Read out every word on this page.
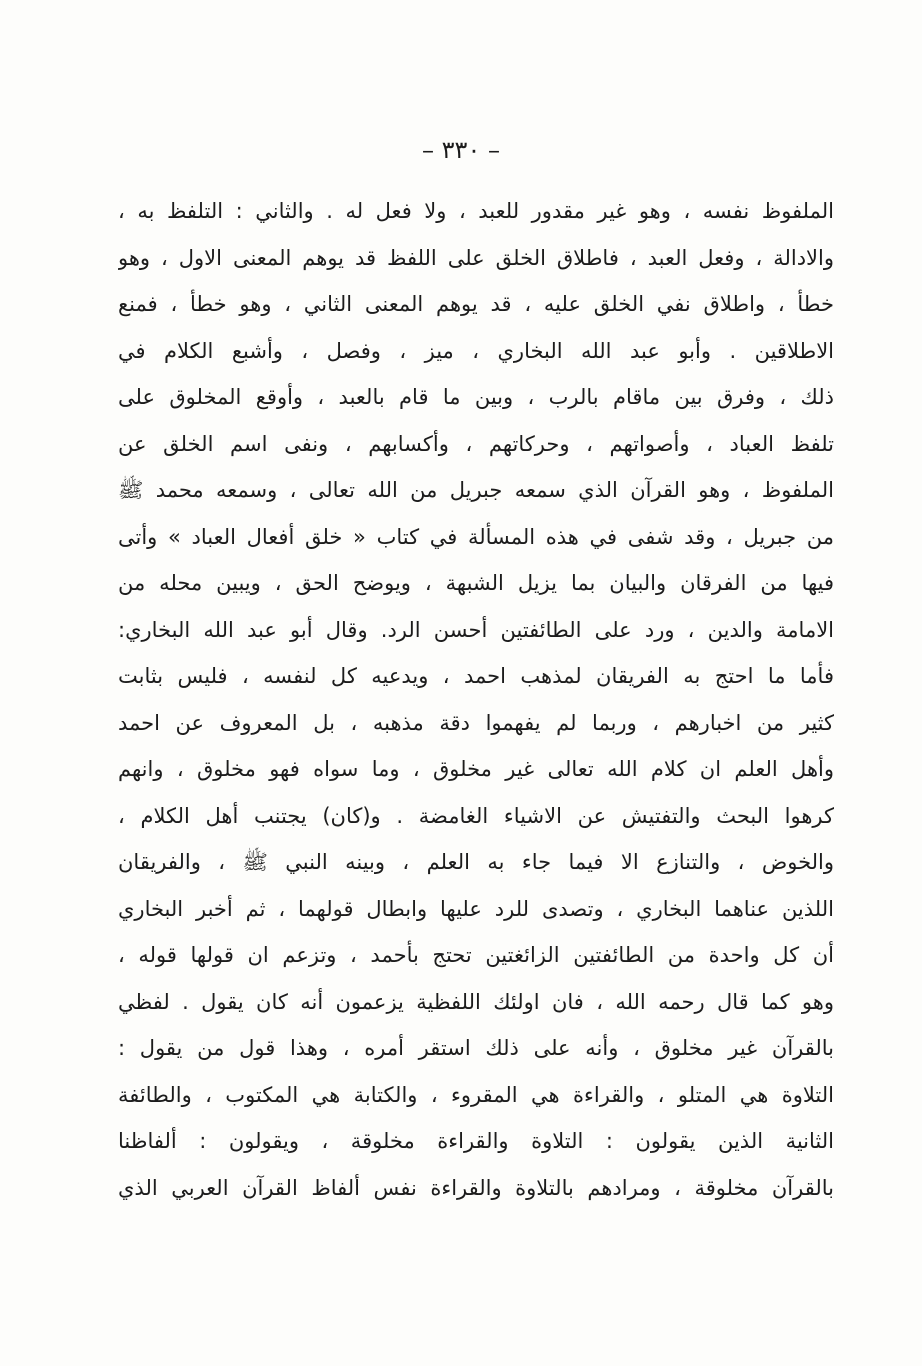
– ٣٣٠ –
الملفوظ نفسه ، وهو غير مقدور للعبد ، ولا فعل له . والثاني : التلفظ به ،
والادالة ، وفعل العبد ، فاطلاق الخلق على اللفظ قد يوهم المعنى الاول ، وهو
خطأ ، واطلاق نفي الخلق عليه ، قد يوهم المعنى الثاني ، وهو خطأ ، فمنع
الاطلاقين . وأبو عبد الله البخاري ، ميز ، وفصل ، وأشبع الكلام في
ذلك ، وفرق بين ماقام بالرب ، وبين ما قام بالعبد ، وأوقع المخلوق على
تلفظ العباد ، وأصواتهم ، وحركاتهم ، وأكسابهم ، ونفى اسم الخلق عن
الملفوظ ، وهو القرآن الذي سمعه جبريل من الله تعالى ، وسمعه محمد ﷺ
من جبريل ، وقد شفى في هذه المسألة في كتاب « خلق أفعال العباد » وأتى
فيها من الفرقان والبيان بما يزيل الشبهة ، ويوضح الحق ، ويبين محله من
الامامة والدين ، ورد على الطائفتين أحسن الرد. وقال أبو عبد الله البخاري:
فأما ما احتج به الفريقان لمذهب احمد ، ويدعيه كل لنفسه ، فليس بثابت
كثير من اخبارهم ، وربما لم يفهموا دقة مذهبه ، بل المعروف عن احمد
وأهل العلم ان كلام الله تعالى غير مخلوق ، وما سواه فهو مخلوق ، وانهم
كرهوا البحث والتفتيش عن الاشياء الغامضة . و(كان) يجتنب أهل الكلام ،
والخوض ، والتنازع الا فيما جاء به العلم ، وبينه النبي ﷺ ، والفريقان
اللذين عناهما البخاري ، وتصدى للرد عليها وابطال قولهما ، ثم أخبر البخاري
أن كل واحدة من الطائفتين الزائغتين تحتج بأحمد ، وتزعم ان قولها قوله ،
وهو كما قال رحمه الله ، فان اولئك اللفظية يزعمون أنه كان يقول . لفظي
بالقرآن غير مخلوق ، وأنه على ذلك استقر أمره ، وهذا قول من يقول :
التلاوة هي المتلو ، والقراءة هي المقروء ، والكتابة هي المكتوب ، والطائفة
الثانية الذين يقولون : التلاوة والقراءة مخلوقة ، ويقولون : ألفاظنا
بالقرآن مخلوقة ، ومرادهم بالتلاوة والقراءة نفس ألفاظ القرآن العربي الذي
